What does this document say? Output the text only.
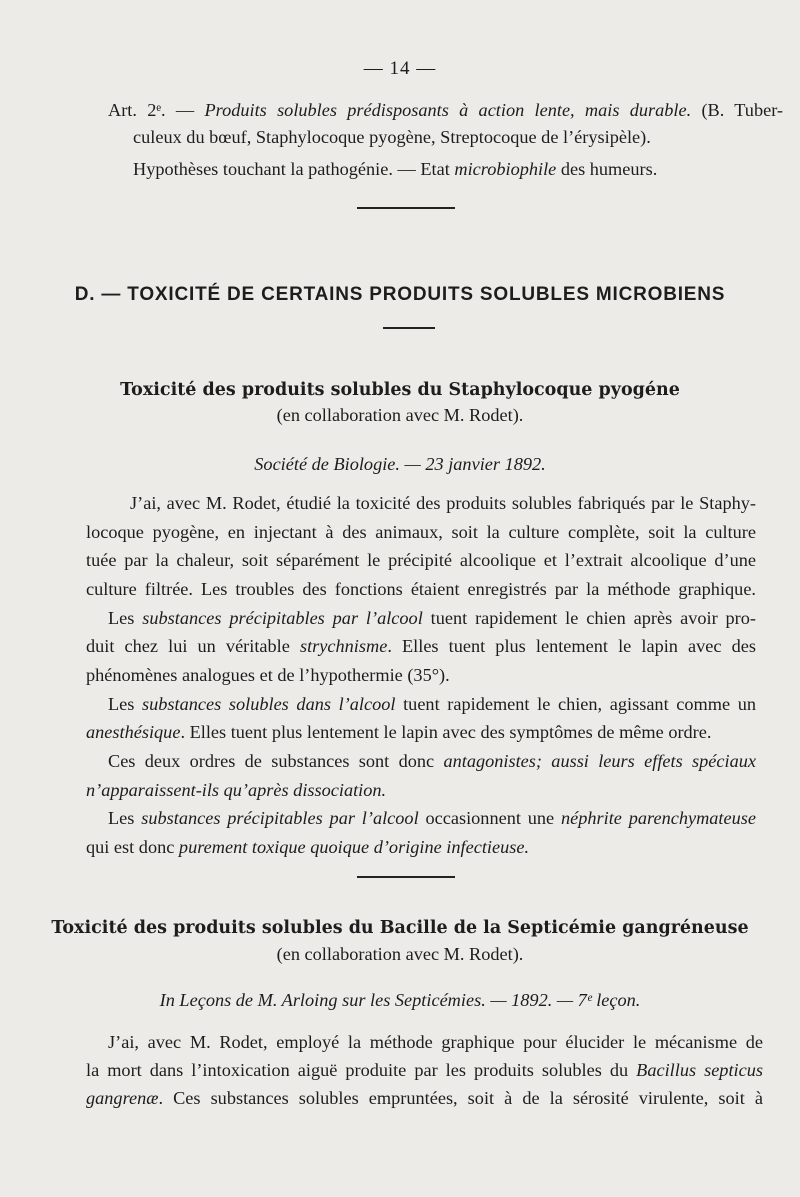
— 14 —
Art. 2ᵉ. — Produits solubles prédisposants à action lente, mais durable. (B. Tuber-
culeux du bœuf, Staphylocoque pyogène, Streptocoque de l’érysipèle).
Hypothèses touchant la pathogénie. — Etat microbiophile des humeurs.
D. — TOXICITÉ DE CERTAINS PRODUITS SOLUBLES MICROBIENS
Toxicité des produits solubles du Staphylocoque pyogéne
(en collaboration avec M. Rodet).
Société de Biologie. — 23 janvier 1892.
J’ai, avec M. Rodet, étudié la toxicité des produits solubles fabriqués par le Staphy-
locoque pyogène, en injectant à des animaux, soit la culture complète, soit la culture
tuée par la chaleur, soit séparément le précipité alcoolique et l’extrait alcoolique d’une
culture filtrée. Les troubles des fonctions étaient enregistrés par la méthode graphique.
Les substances précipitables par l’alcool tuent rapidement le chien après avoir pro-
duit chez lui un véritable strychnisme. Elles tuent plus lentement le lapin avec des
phénomènes analogues et de l’hypothermie (35°).
Les substances solubles dans l’alcool tuent rapidement le chien, agissant comme un
anesthésique. Elles tuent plus lentement le lapin avec des symptômes de même ordre.
Ces deux ordres de substances sont donc antagonistes; aussi leurs effets spéciaux
n’apparaissent-ils qu’après dissociation.
Les substances précipitables par l’alcool occasionnent une néphrite parenchymateuse
qui est donc purement toxique quoique d’origine infectieuse.
Toxicité des produits solubles du Bacille de la Septicémie gangréneuse
(en collaboration avec M. Rodet).
In Leçons de M. Arloing sur les Septicémies. — 1892. — 7ᵉ leçon.
J’ai, avec M. Rodet, employé la méthode graphique pour élucider le mécanisme de
la mort dans l’intoxication aiguë produite par les produits solubles du Bacillus septicus
gangrenæ. Ces substances solubles empruntées, soit à de la sérosité virulente, soit à
